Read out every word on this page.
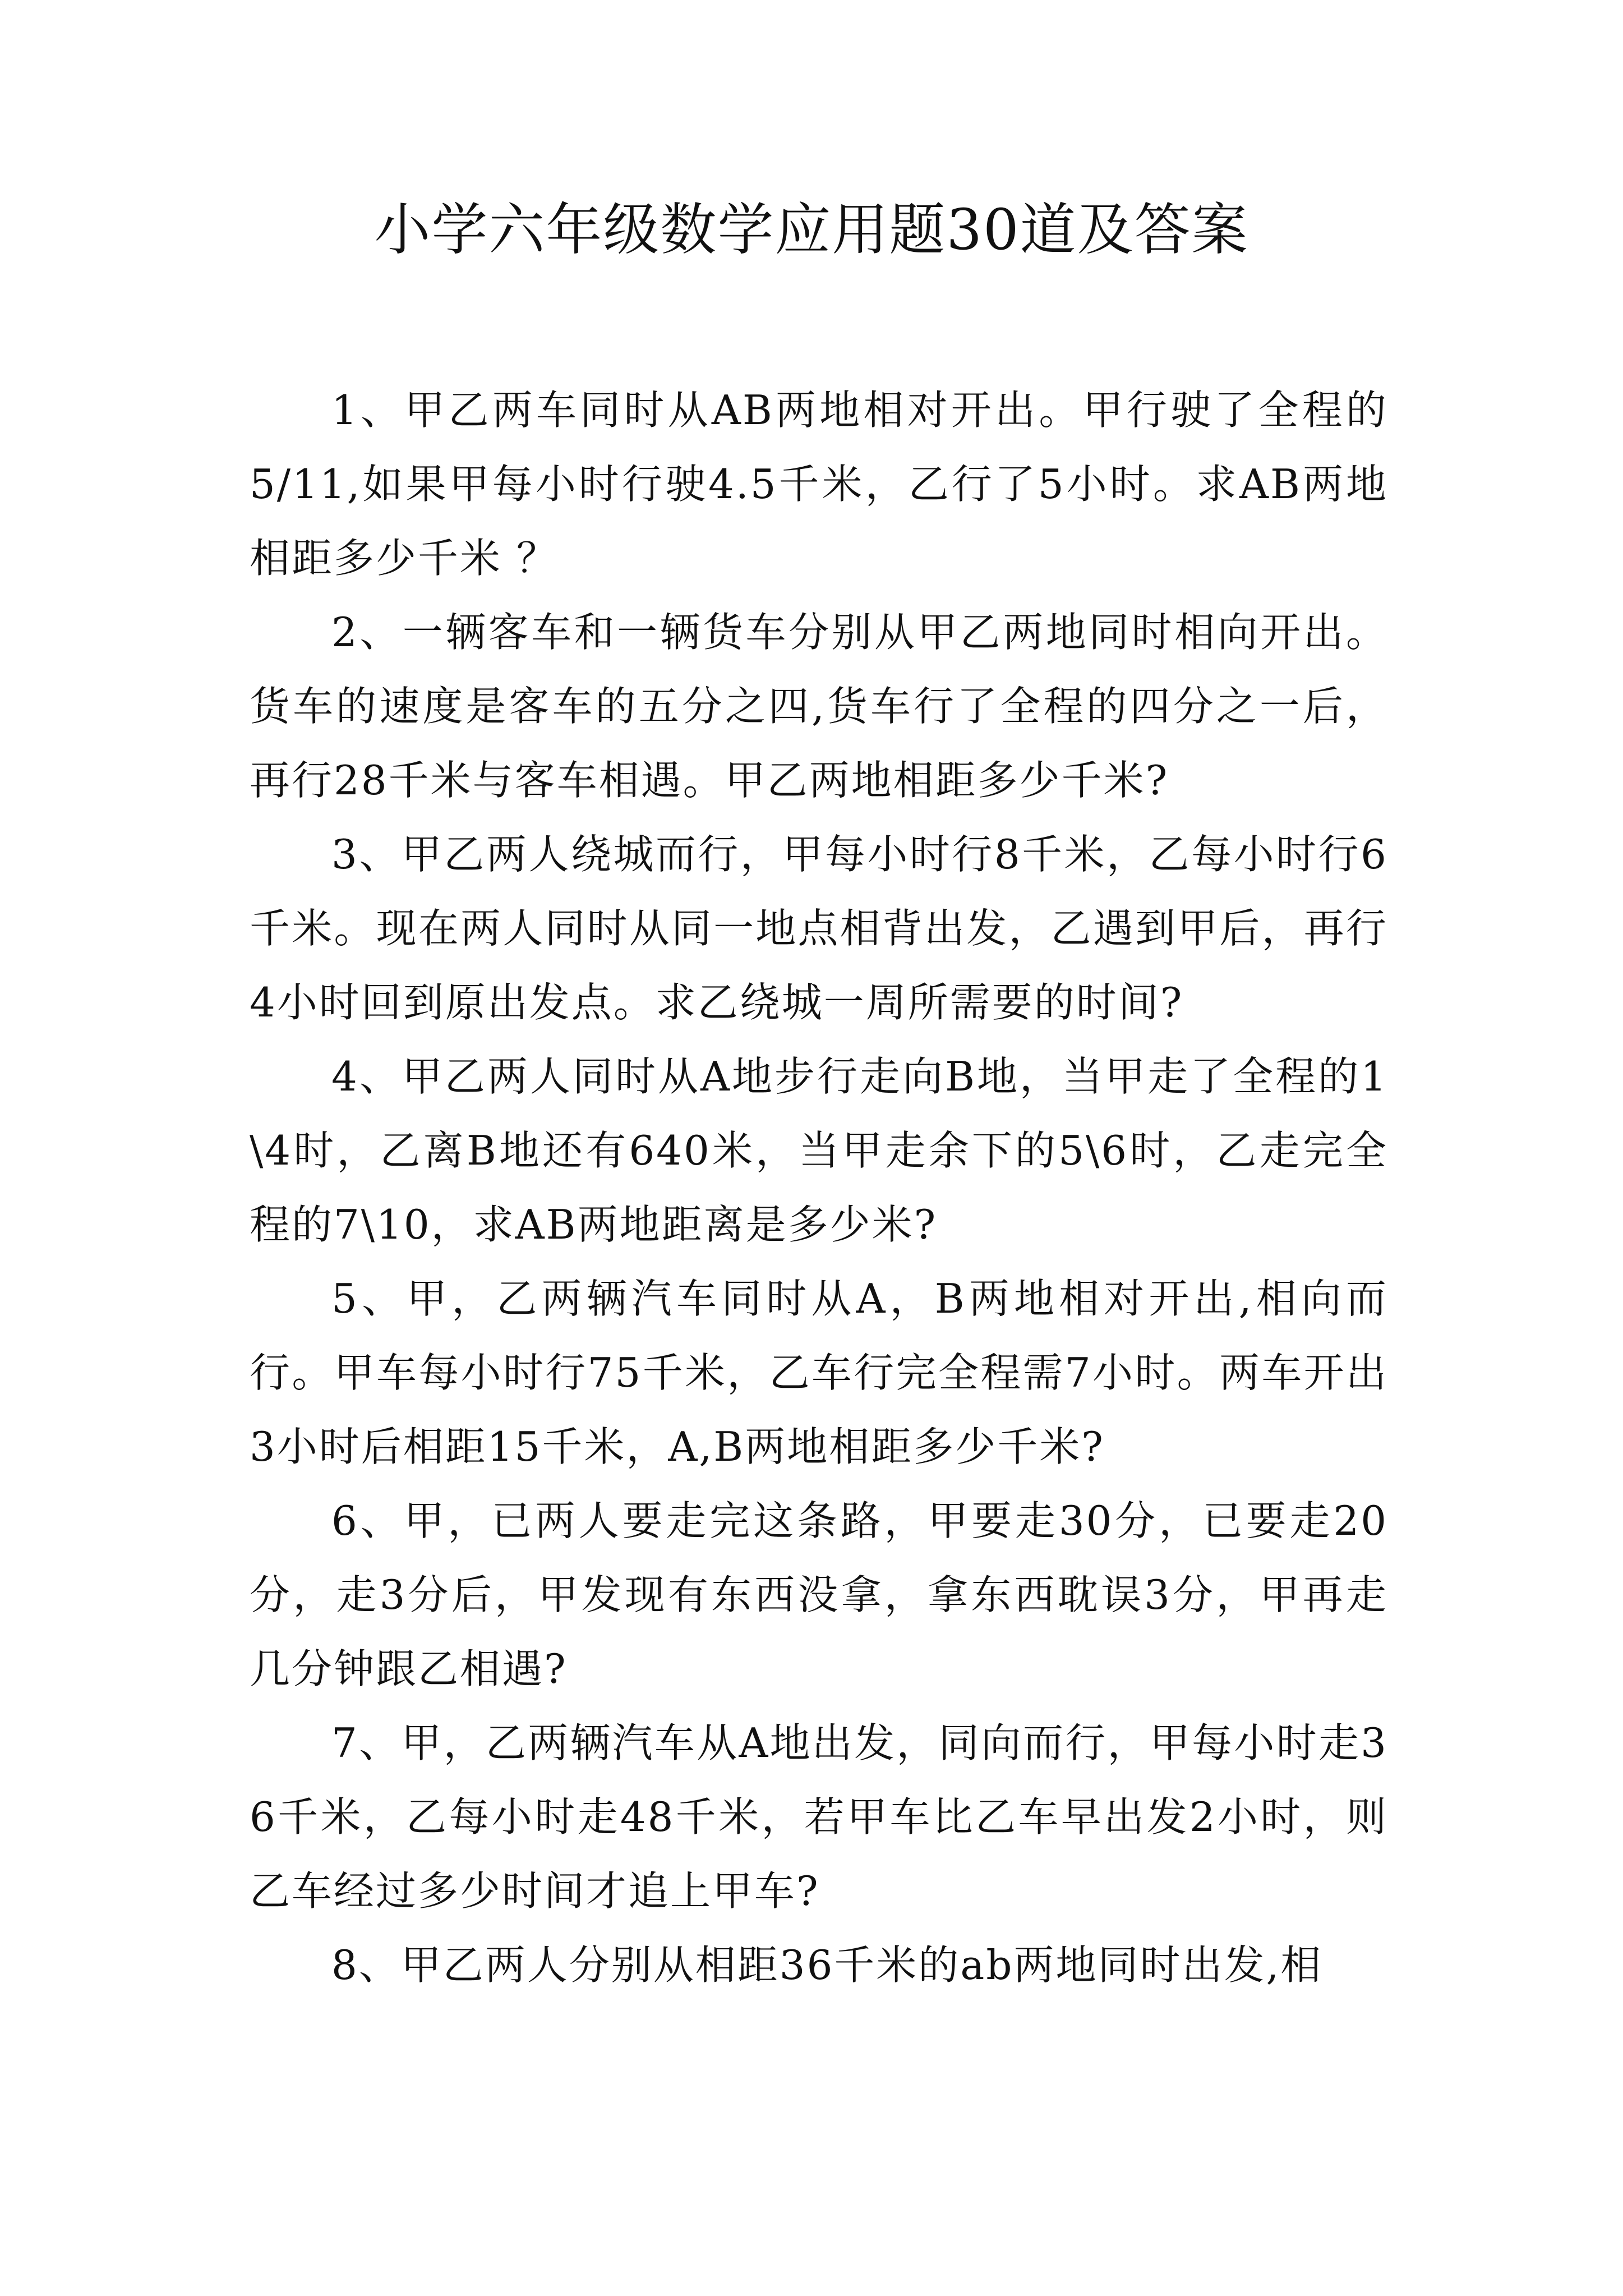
小学六年级数学应用题30道及答案

1、甲乙两车同时从AB两地相对开出。甲行驶了全程的5/11,如果甲每小时行驶4.5千米，乙行了5小时。求AB两地相距多少千米 ？

2、一辆客车和一辆货车分别从甲乙两地同时相向开出。货车的速度是客车的五分之四,货车行了全程的四分之一后，再行28千米与客车相遇。甲乙两地相距多少千米?

3、甲乙两人绕城而行，甲每小时行8千米，乙每小时行6千米。现在两人同时从同一地点相背出发，乙遇到甲后，再行4小时回到原出发点。求乙绕城一周所需要的时间?

4、甲乙两人同时从A地步行走向B地，当甲走了全程的1\4时，乙离B地还有640米，当甲走余下的5\6时，乙走完全程的7\10，求AB两地距离是多少米?

5、甲，乙两辆汽车同时从A，B两地相对开出,相向而行。甲车每小时行75千米，乙车行完全程需7小时。两车开出3小时后相距15千米，A,B两地相距多少千米?

6、甲，已两人要走完这条路，甲要走30分，已要走20分，走3分后，甲发现有东西没拿，拿东西耽误3分，甲再走几分钟跟乙相遇?

7、甲，乙两辆汽车从A地出发，同向而行，甲每小时走36千米，乙每小时走48千米，若甲车比乙车早出发2小时，则乙车经过多少时间才追上甲车?

8、甲乙两人分别从相距36千米的ab两地同时出发,相
